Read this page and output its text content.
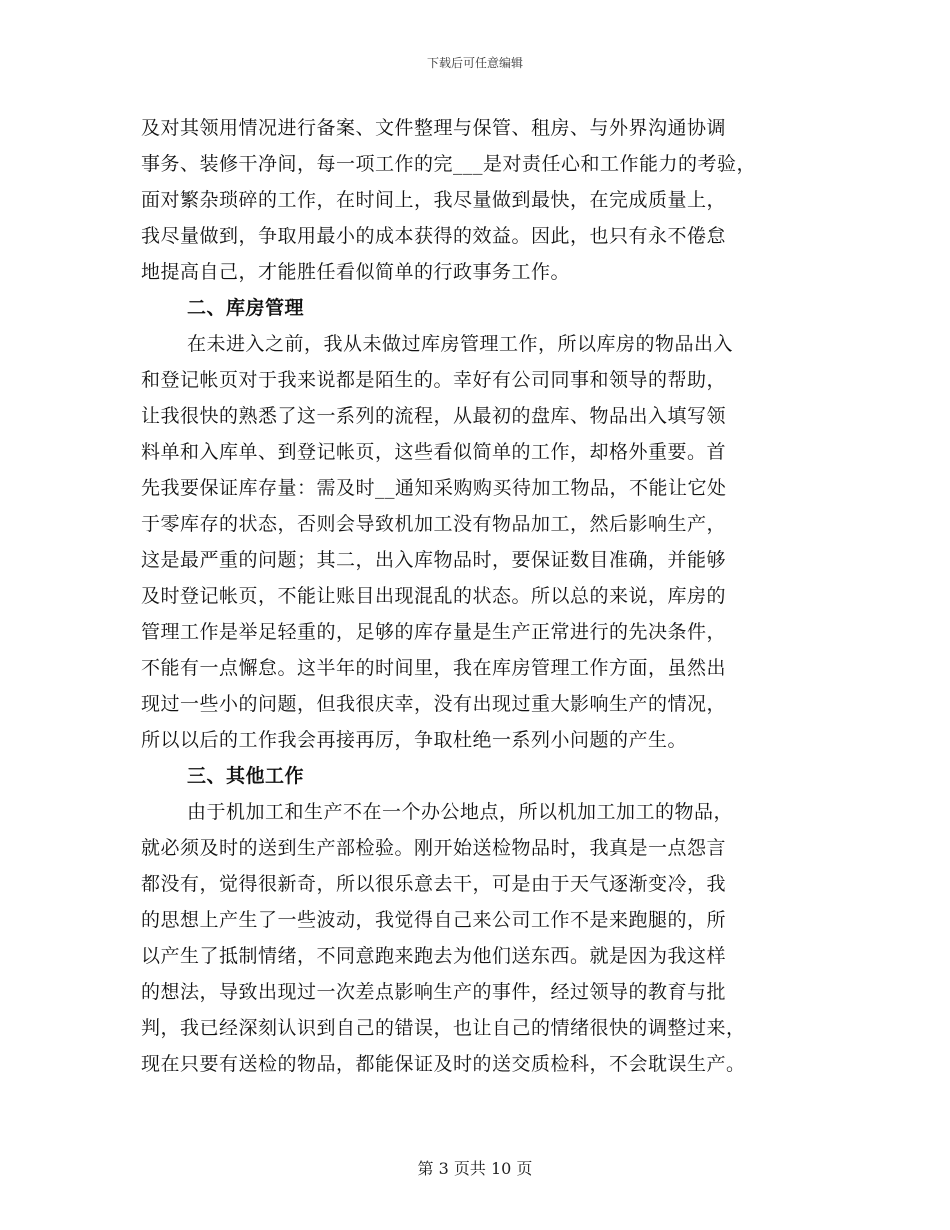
下载后可任意编辑
及对其领用情况进行备案、文件整理与保管、租房、与外界沟通协调
事务、装修干净间，每一项工作的完___是对责任心和工作能力的考验，
面对繁杂琐碎的工作，在时间上，我尽量做到最快，在完成质量上，
我尽量做到，争取用最小的成本获得的效益。因此，也只有永不倦怠
地提高自己，才能胜任看似简单的行政事务工作。
二、库房管理
在未进入之前，我从未做过库房管理工作，所以库房的物品出入
和登记帐页对于我来说都是陌生的。幸好有公司同事和领导的帮助，
让我很快的熟悉了这一系列的流程，从最初的盘库、物品出入填写领
料单和入库单、到登记帐页，这些看似简单的工作，却格外重要。首
先我要保证库存量：需及时__通知采购购买待加工物品，不能让它处
于零库存的状态，否则会导致机加工没有物品加工，然后影响生产，
这是最严重的问题；其二，出入库物品时，要保证数目准确，并能够
及时登记帐页，不能让账目出现混乱的状态。所以总的来说，库房的
管理工作是举足轻重的，足够的库存量是生产正常进行的先决条件，
不能有一点懈怠。这半年的时间里，我在库房管理工作方面，虽然出
现过一些小的问题，但我很庆幸，没有出现过重大影响生产的情况，
所以以后的工作我会再接再厉，争取杜绝一系列小问题的产生。
三、其他工作
由于机加工和生产不在一个办公地点，所以机加工加工的物品，
就必须及时的送到生产部检验。刚开始送检物品时，我真是一点怨言
都没有，觉得很新奇，所以很乐意去干，可是由于天气逐渐变冷，我
的思想上产生了一些波动，我觉得自己来公司工作不是来跑腿的，所
以产生了抵制情绪，不同意跑来跑去为他们送东西。就是因为我这样
的想法，导致出现过一次差点影响生产的事件，经过领导的教育与批
判，我已经深刻认识到自己的错误，也让自己的情绪很快的调整过来，
现在只要有送检的物品，都能保证及时的送交质检科，不会耽误生产。
第 3 页共 10 页
